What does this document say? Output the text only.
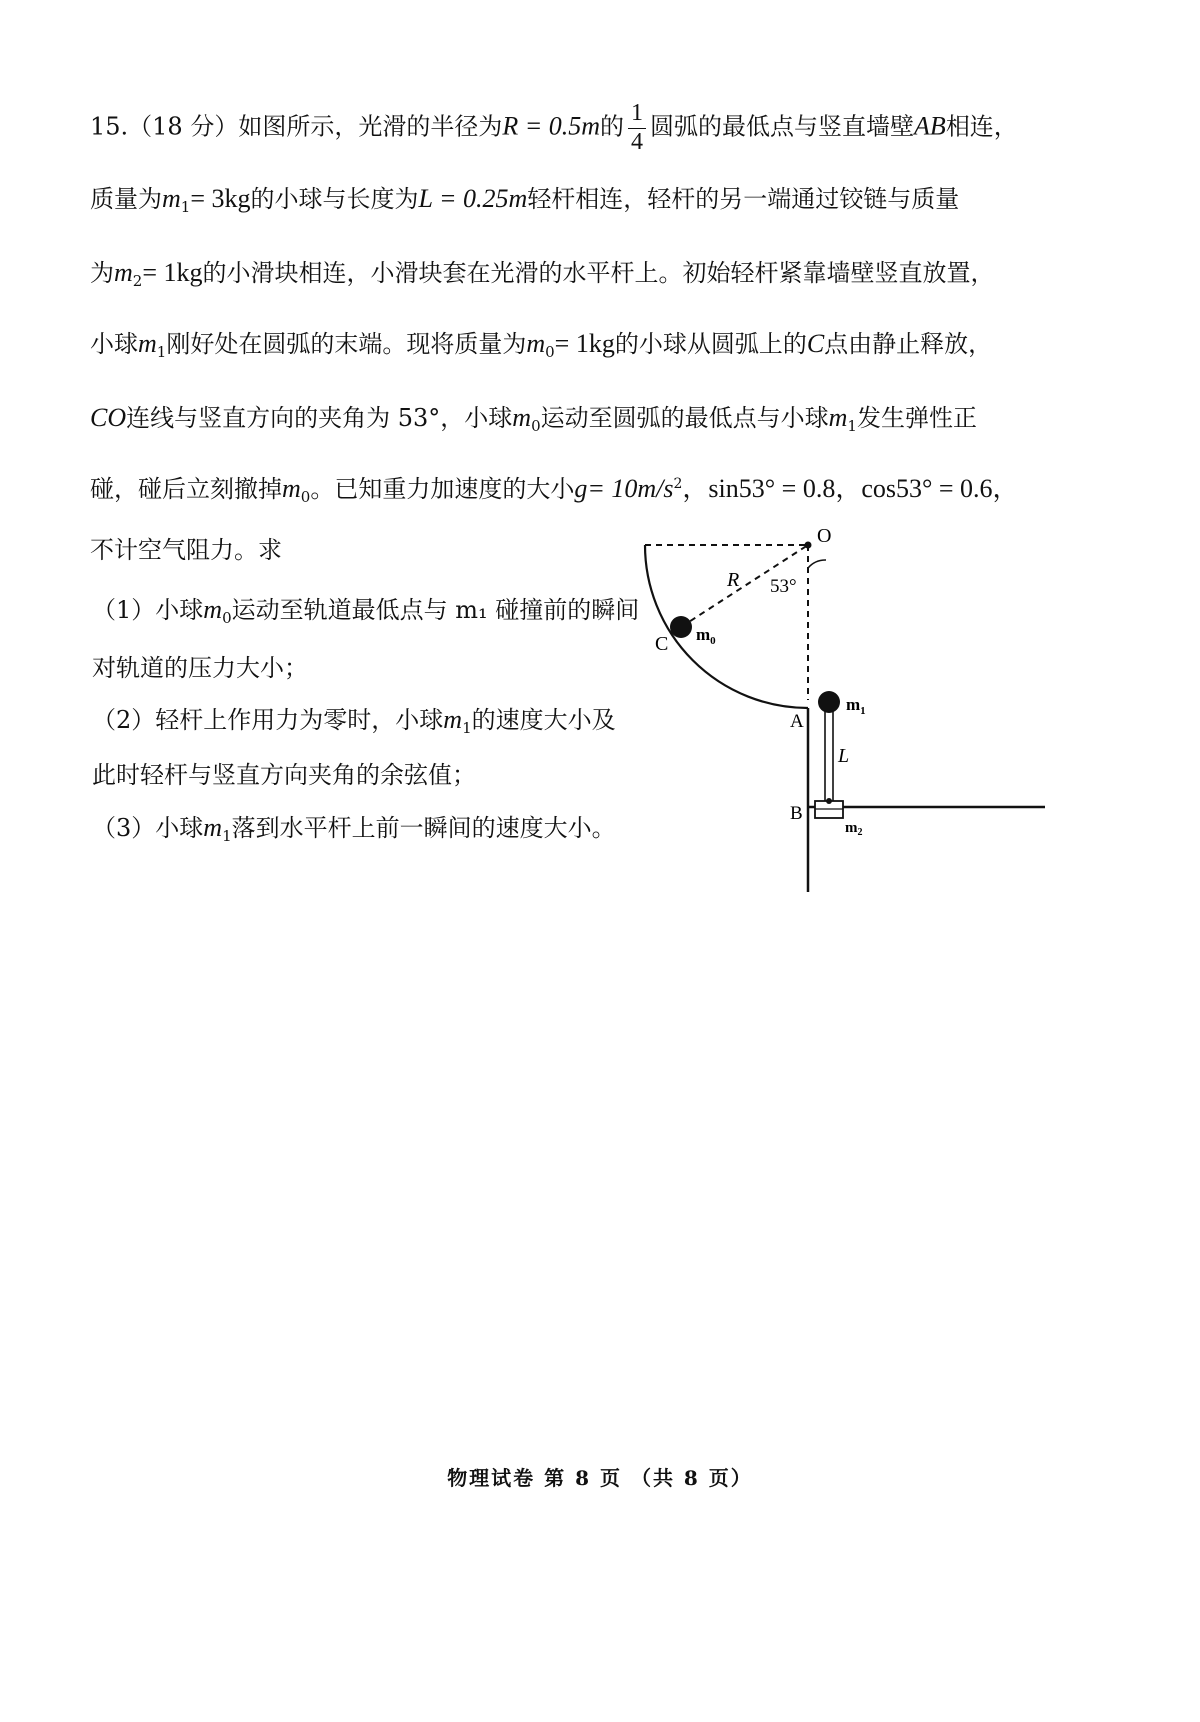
15.（18 分）如图所示，光滑的半径为R = 0.5m的 $\frac{1}{4}$ 圆弧的最低点与竖直墙壁AB相连，
质量为$m_1= 3kg$的小球与长度为L = 0.25m轻杆相连，轻杆的另一端通过铰链与质量
为$m_2= 1kg$的小滑块相连，小滑块套在光滑的水平杆上。初始轻杆紧靠墙壁竖直放置，
小球$m_1$刚好处在圆弧的末端。现将质量为$m_0= 1kg$的小球从圆弧上的C点由静止释放，
CO连线与竖直方向的夹角为 53°，小球$m_0$运动至圆弧的最低点与小球$m_1$发生弹性正
碰，碰后立刻撤掉$m_0$。已知重力加速度的大小$g= 10m/s^2$，sin53° = 0.8，cos53° = 0.6，
不计空气阻力。求
（1）小球$m_0$运动至轨道最低点与 m₁ 碰撞前的瞬间
对轨道的压力大小；
（2）轻杆上作用力为零时，小球$m_1$的速度大小及
此时轻杆与竖直方向夹角的余弦值；
（3）小球$m_1$落到水平杆上前一瞬间的速度大小。
O
R 53°
C $m_0$
A
$m_1$
L
B
$m_2$
物理试卷 第 8 页 （共 8 页）
